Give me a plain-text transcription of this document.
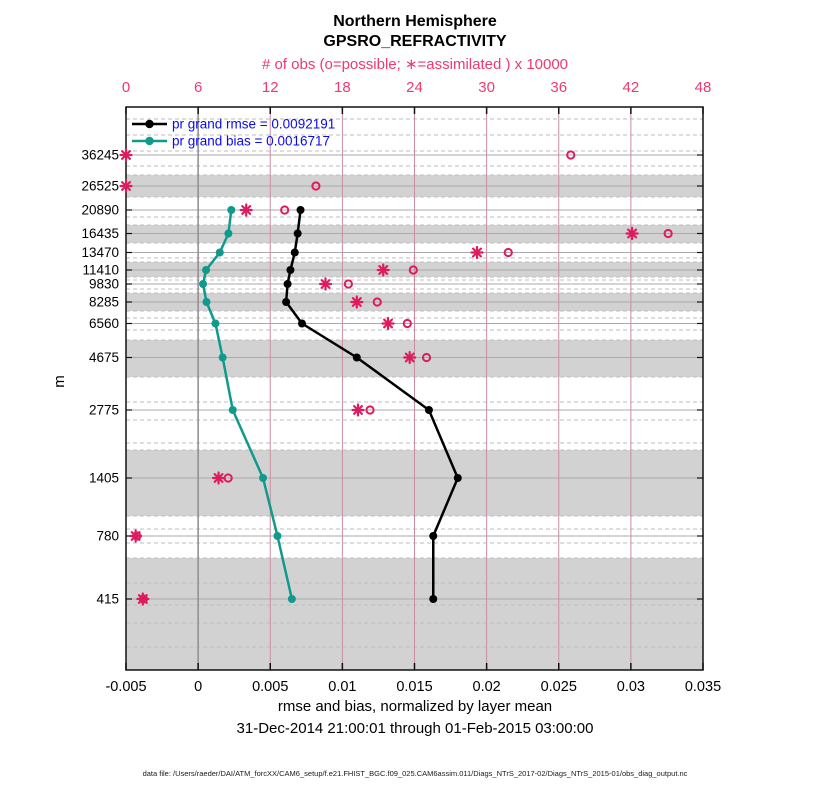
0	6	12	18	24	30	36	42	48
-0.005	0	0.005	0.01	0.015	0.02	0.025	0.03	0.035
36245
26525
20890
16435
13470
11410
9830
8285
6560
4675
2775
1405
780
415
pr grand rmse = 0.0092191
pr grand bias = 0.0016717
Northern Hemisphere
GPSRO_REFRACTIVITY
# of obs (o=possible; ∗=assimilated ) x 10000
m
rmse and bias, normalized by layer mean
31-Dec-2014 21:00:01 through 01-Feb-2015 03:00:00
data file: /Users/raeder/DAI/ATM_forcXX/CAM6_setup/f.e21.FHIST_BGC.f09_025.CAM6assim.011/Diags_NTrS_2017-02/Diags_NTrS_2015-01/obs_diag_output.nc
